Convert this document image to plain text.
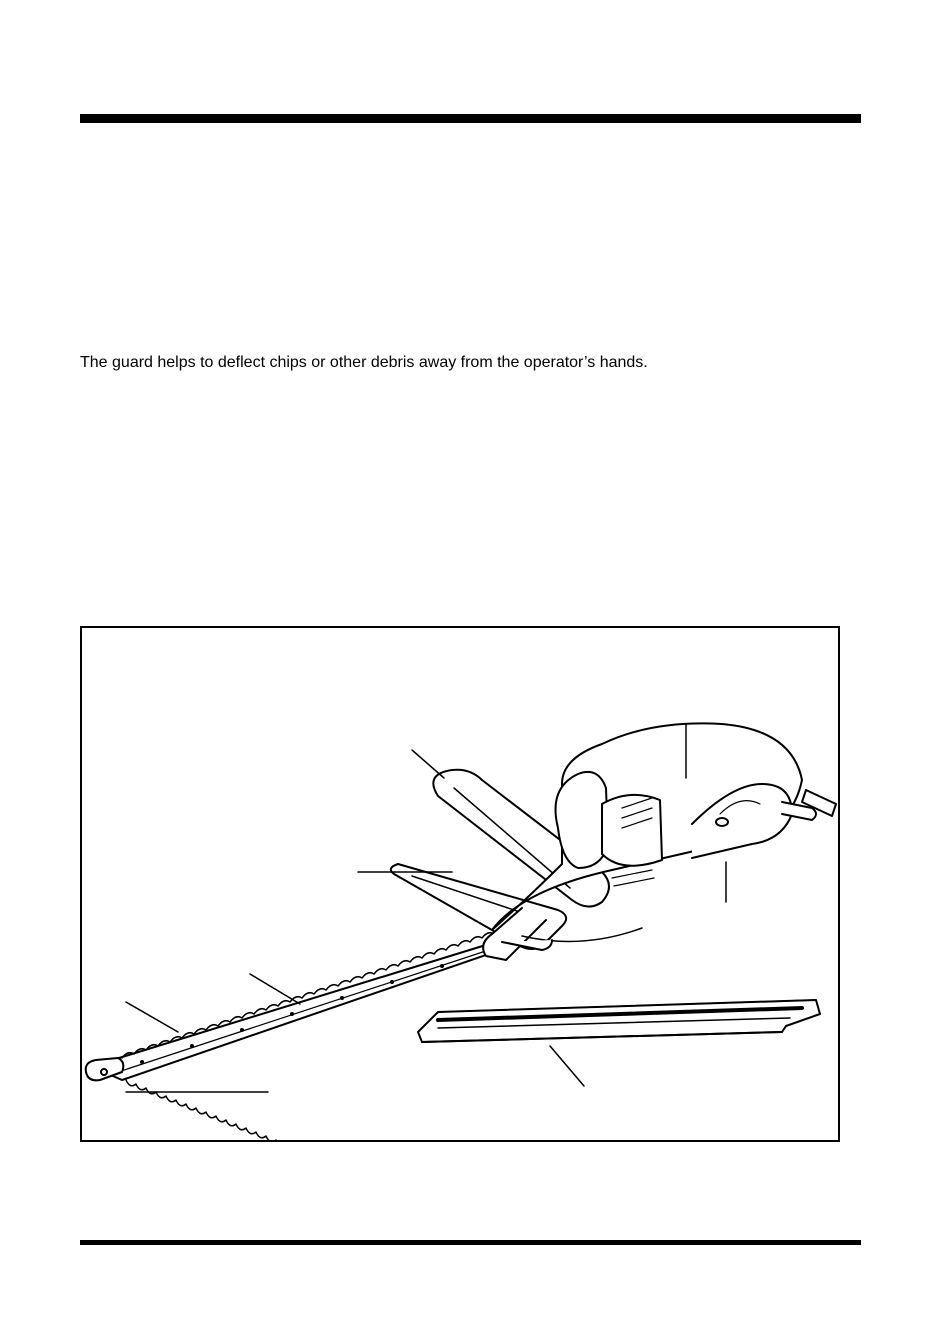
The guard helps to deflect chips or other debris away from the operator’s hands.
